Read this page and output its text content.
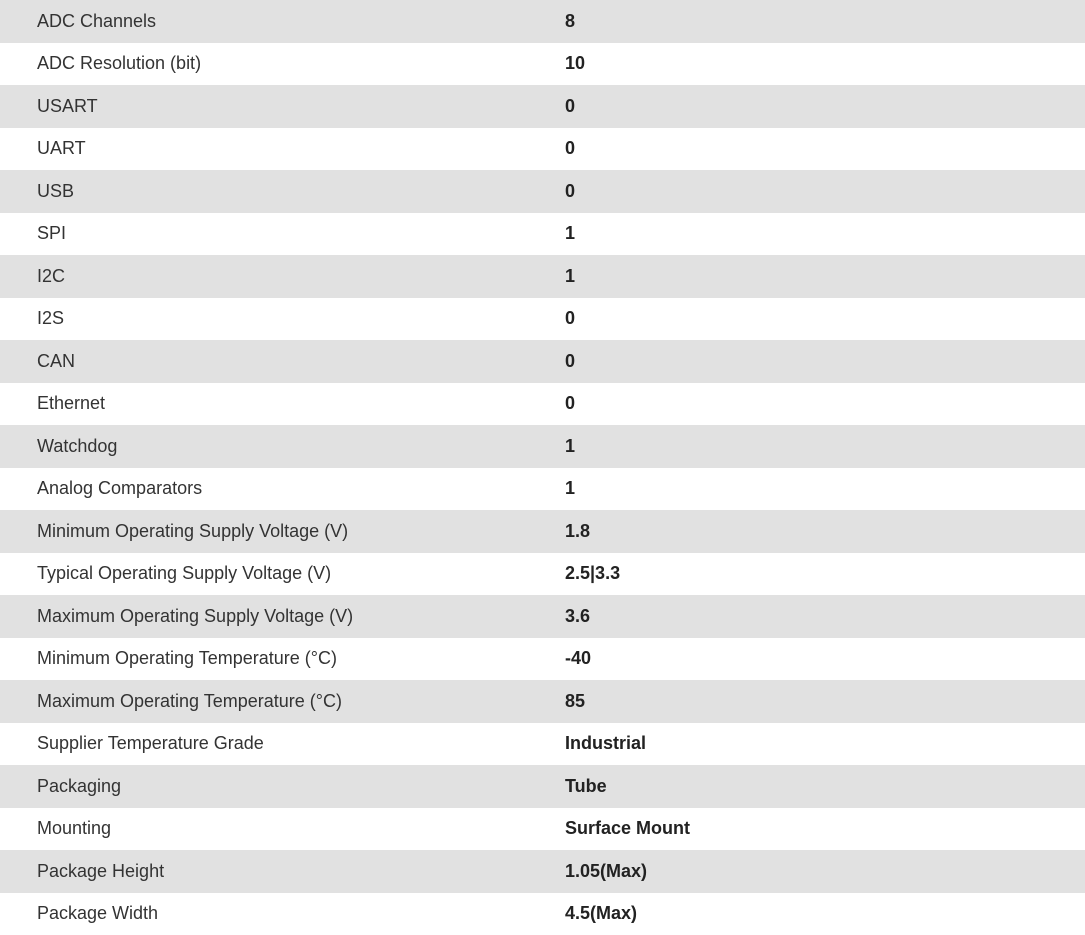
ADC Channels	8
ADC Resolution (bit)	10
USART	0
UART	0
USB	0
SPI	1
I2C	1
I2S	0
CAN	0
Ethernet	0
Watchdog	1
Analog Comparators	1
Minimum Operating Supply Voltage (V)	1.8
Typical Operating Supply Voltage (V)	2.5|3.3
Maximum Operating Supply Voltage (V)	3.6
Minimum Operating Temperature (°C)	-40
Maximum Operating Temperature (°C)	85
Supplier Temperature Grade	Industrial
Packaging	Tube
Mounting	Surface Mount
Package Height	1.05(Max)
Package Width	4.5(Max)
